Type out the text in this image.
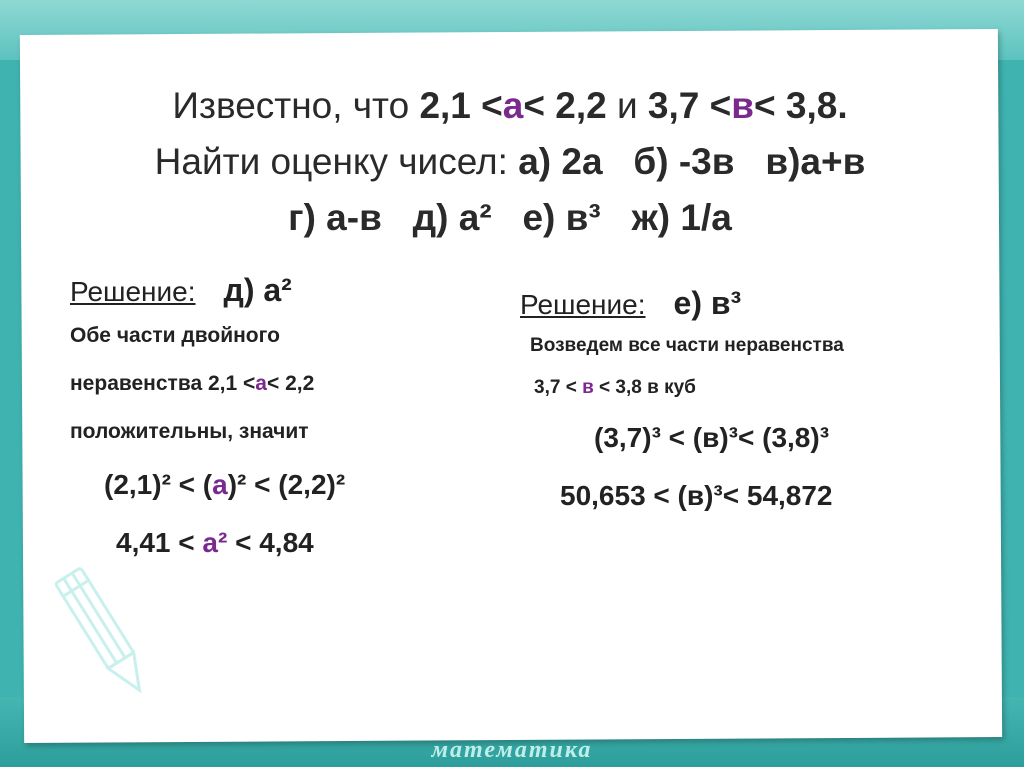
Известно, что 2,1 <а< 2,2 и 3,7 <в< 3,8.
Найти оценку чисел: а) 2а   б) -3в   в)а+в
г) а-в   д) а²   е) в³   ж) 1/а
Решение: д) а²
Обе части двойного
неравенства 2,1 <а< 2,2
положительны, значит
(2,1)² < (а)² < (2,2)²
4,41 < а² < 4,84
Решение: е) в³
Возведем все части неравенства
3,7 < в < 3,8 в куб
(3,7)³ < (в)³< (3,8)³
50,653 < (в)³< 54,872
математика
